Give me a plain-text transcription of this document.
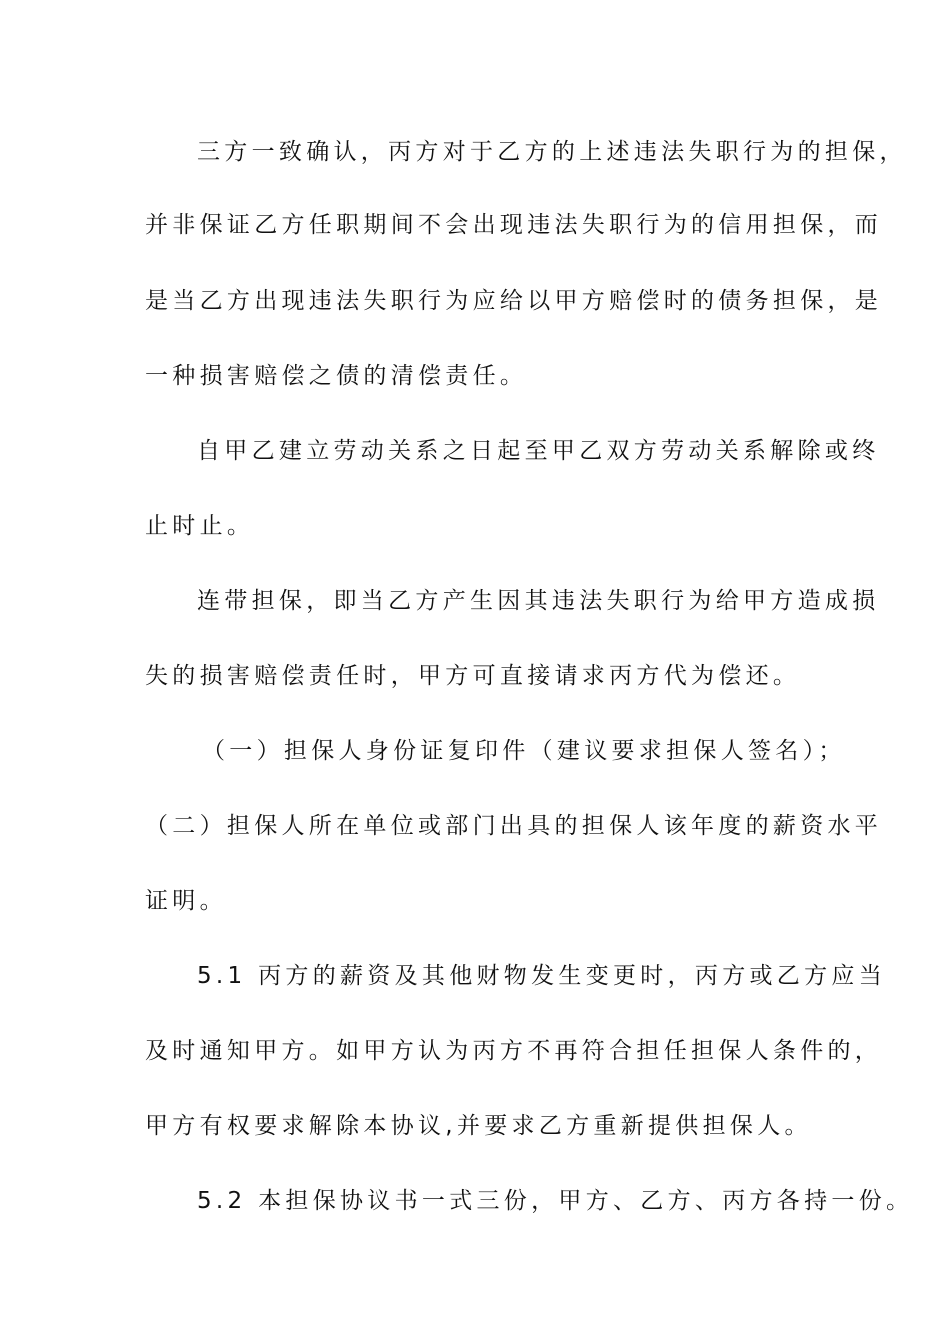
三方一致确认，丙方对于乙方的上述违法失职行为的担保，
并非保证乙方任职期间不会出现违法失职行为的信用担保，而
是当乙方出现违法失职行为应给以甲方赔偿时的债务担保，是
一种损害赔偿之债的清偿责任。
自甲乙建立劳动关系之日起至甲乙双方劳动关系解除或终
止时止。
连带担保，即当乙方产生因其违法失职行为给甲方造成损
失的损害赔偿责任时，甲方可直接请求丙方代为偿还。
（一）担保人身份证复印件（建议要求担保人签名）；
（二）担保人所在单位或部门出具的担保人该年度的薪资水平
证明。
5.1 丙方的薪资及其他财物发生变更时，丙方或乙方应当
及时通知甲方。如甲方认为丙方不再符合担任担保人条件的，
甲方有权要求解除本协议,并要求乙方重新提供担保人。
5.2 本担保协议书一式三份，甲方、乙方、丙方各持一份。
